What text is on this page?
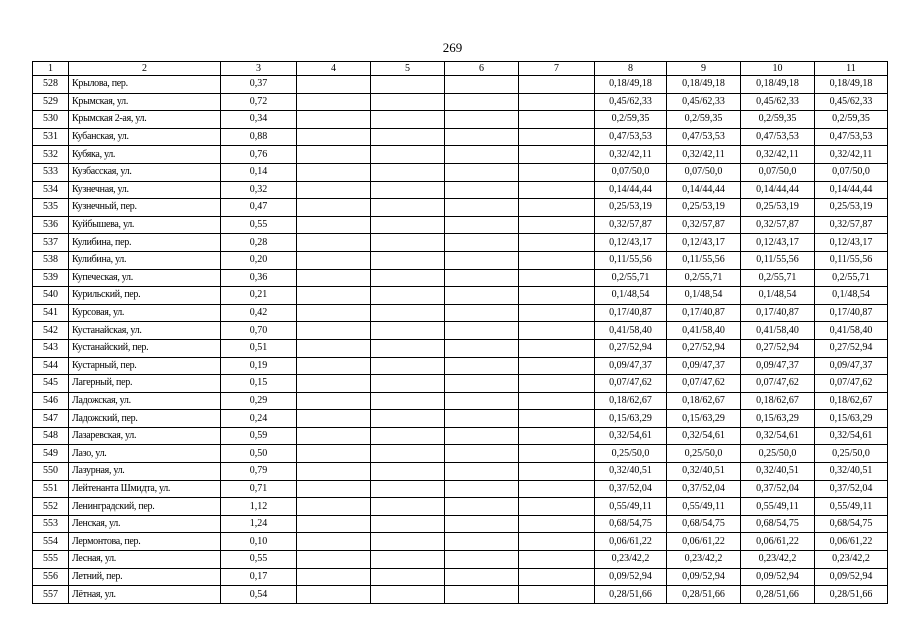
269
1	2	3	4	5	6	7	8	9	10	11
528	Крылова, пер.	0,37					0,18/49,18	0,18/49,18	0,18/49,18	0,18/49,18
529	Крымская, ул.	0,72					0,45/62,33	0,45/62,33	0,45/62,33	0,45/62,33
530	Крымская 2-ая, ул.	0,34					0,2/59,35	0,2/59,35	0,2/59,35	0,2/59,35
531	Кубанская, ул.	0,88					0,47/53,53	0,47/53,53	0,47/53,53	0,47/53,53
532	Кубяка, ул.	0,76					0,32/42,11	0,32/42,11	0,32/42,11	0,32/42,11
533	Кузбасская, ул.	0,14					0,07/50,0	0,07/50,0	0,07/50,0	0,07/50,0
534	Кузнечная, ул.	0,32					0,14/44,44	0,14/44,44	0,14/44,44	0,14/44,44
535	Кузнечный, пер.	0,47					0,25/53,19	0,25/53,19	0,25/53,19	0,25/53,19
536	Куйбышева, ул.	0,55					0,32/57,87	0,32/57,87	0,32/57,87	0,32/57,87
537	Кулибина, пер.	0,28					0,12/43,17	0,12/43,17	0,12/43,17	0,12/43,17
538	Кулибина, ул.	0,20					0,11/55,56	0,11/55,56	0,11/55,56	0,11/55,56
539	Купеческая, ул.	0,36					0,2/55,71	0,2/55,71	0,2/55,71	0,2/55,71
540	Курильский, пер.	0,21					0,1/48,54	0,1/48,54	0,1/48,54	0,1/48,54
541	Курсовая, ул.	0,42					0,17/40,87	0,17/40,87	0,17/40,87	0,17/40,87
542	Кустанайская, ул.	0,70					0,41/58,40	0,41/58,40	0,41/58,40	0,41/58,40
543	Кустанайский, пер.	0,51					0,27/52,94	0,27/52,94	0,27/52,94	0,27/52,94
544	Кустарный, пер.	0,19					0,09/47,37	0,09/47,37	0,09/47,37	0,09/47,37
545	Лагерный, пер.	0,15					0,07/47,62	0,07/47,62	0,07/47,62	0,07/47,62
546	Ладожская, ул.	0,29					0,18/62,67	0,18/62,67	0,18/62,67	0,18/62,67
547	Ладожский, пер.	0,24					0,15/63,29	0,15/63,29	0,15/63,29	0,15/63,29
548	Лазаревская, ул.	0,59					0,32/54,61	0,32/54,61	0,32/54,61	0,32/54,61
549	Лазо, ул.	0,50					0,25/50,0	0,25/50,0	0,25/50,0	0,25/50,0
550	Лазурная, ул.	0,79					0,32/40,51	0,32/40,51	0,32/40,51	0,32/40,51
551	Лейтенанта Шмидта, ул.	0,71					0,37/52,04	0,37/52,04	0,37/52,04	0,37/52,04
552	Ленинградский, пер.	1,12					0,55/49,11	0,55/49,11	0,55/49,11	0,55/49,11
553	Ленская, ул.	1,24					0,68/54,75	0,68/54,75	0,68/54,75	0,68/54,75
554	Лермонтова, пер.	0,10					0,06/61,22	0,06/61,22	0,06/61,22	0,06/61,22
555	Лесная, ул.	0,55					0,23/42,2	0,23/42,2	0,23/42,2	0,23/42,2
556	Летний, пер.	0,17					0,09/52,94	0,09/52,94	0,09/52,94	0,09/52,94
557	Лётная, ул.	0,54					0,28/51,66	0,28/51,66	0,28/51,66	0,28/51,66
